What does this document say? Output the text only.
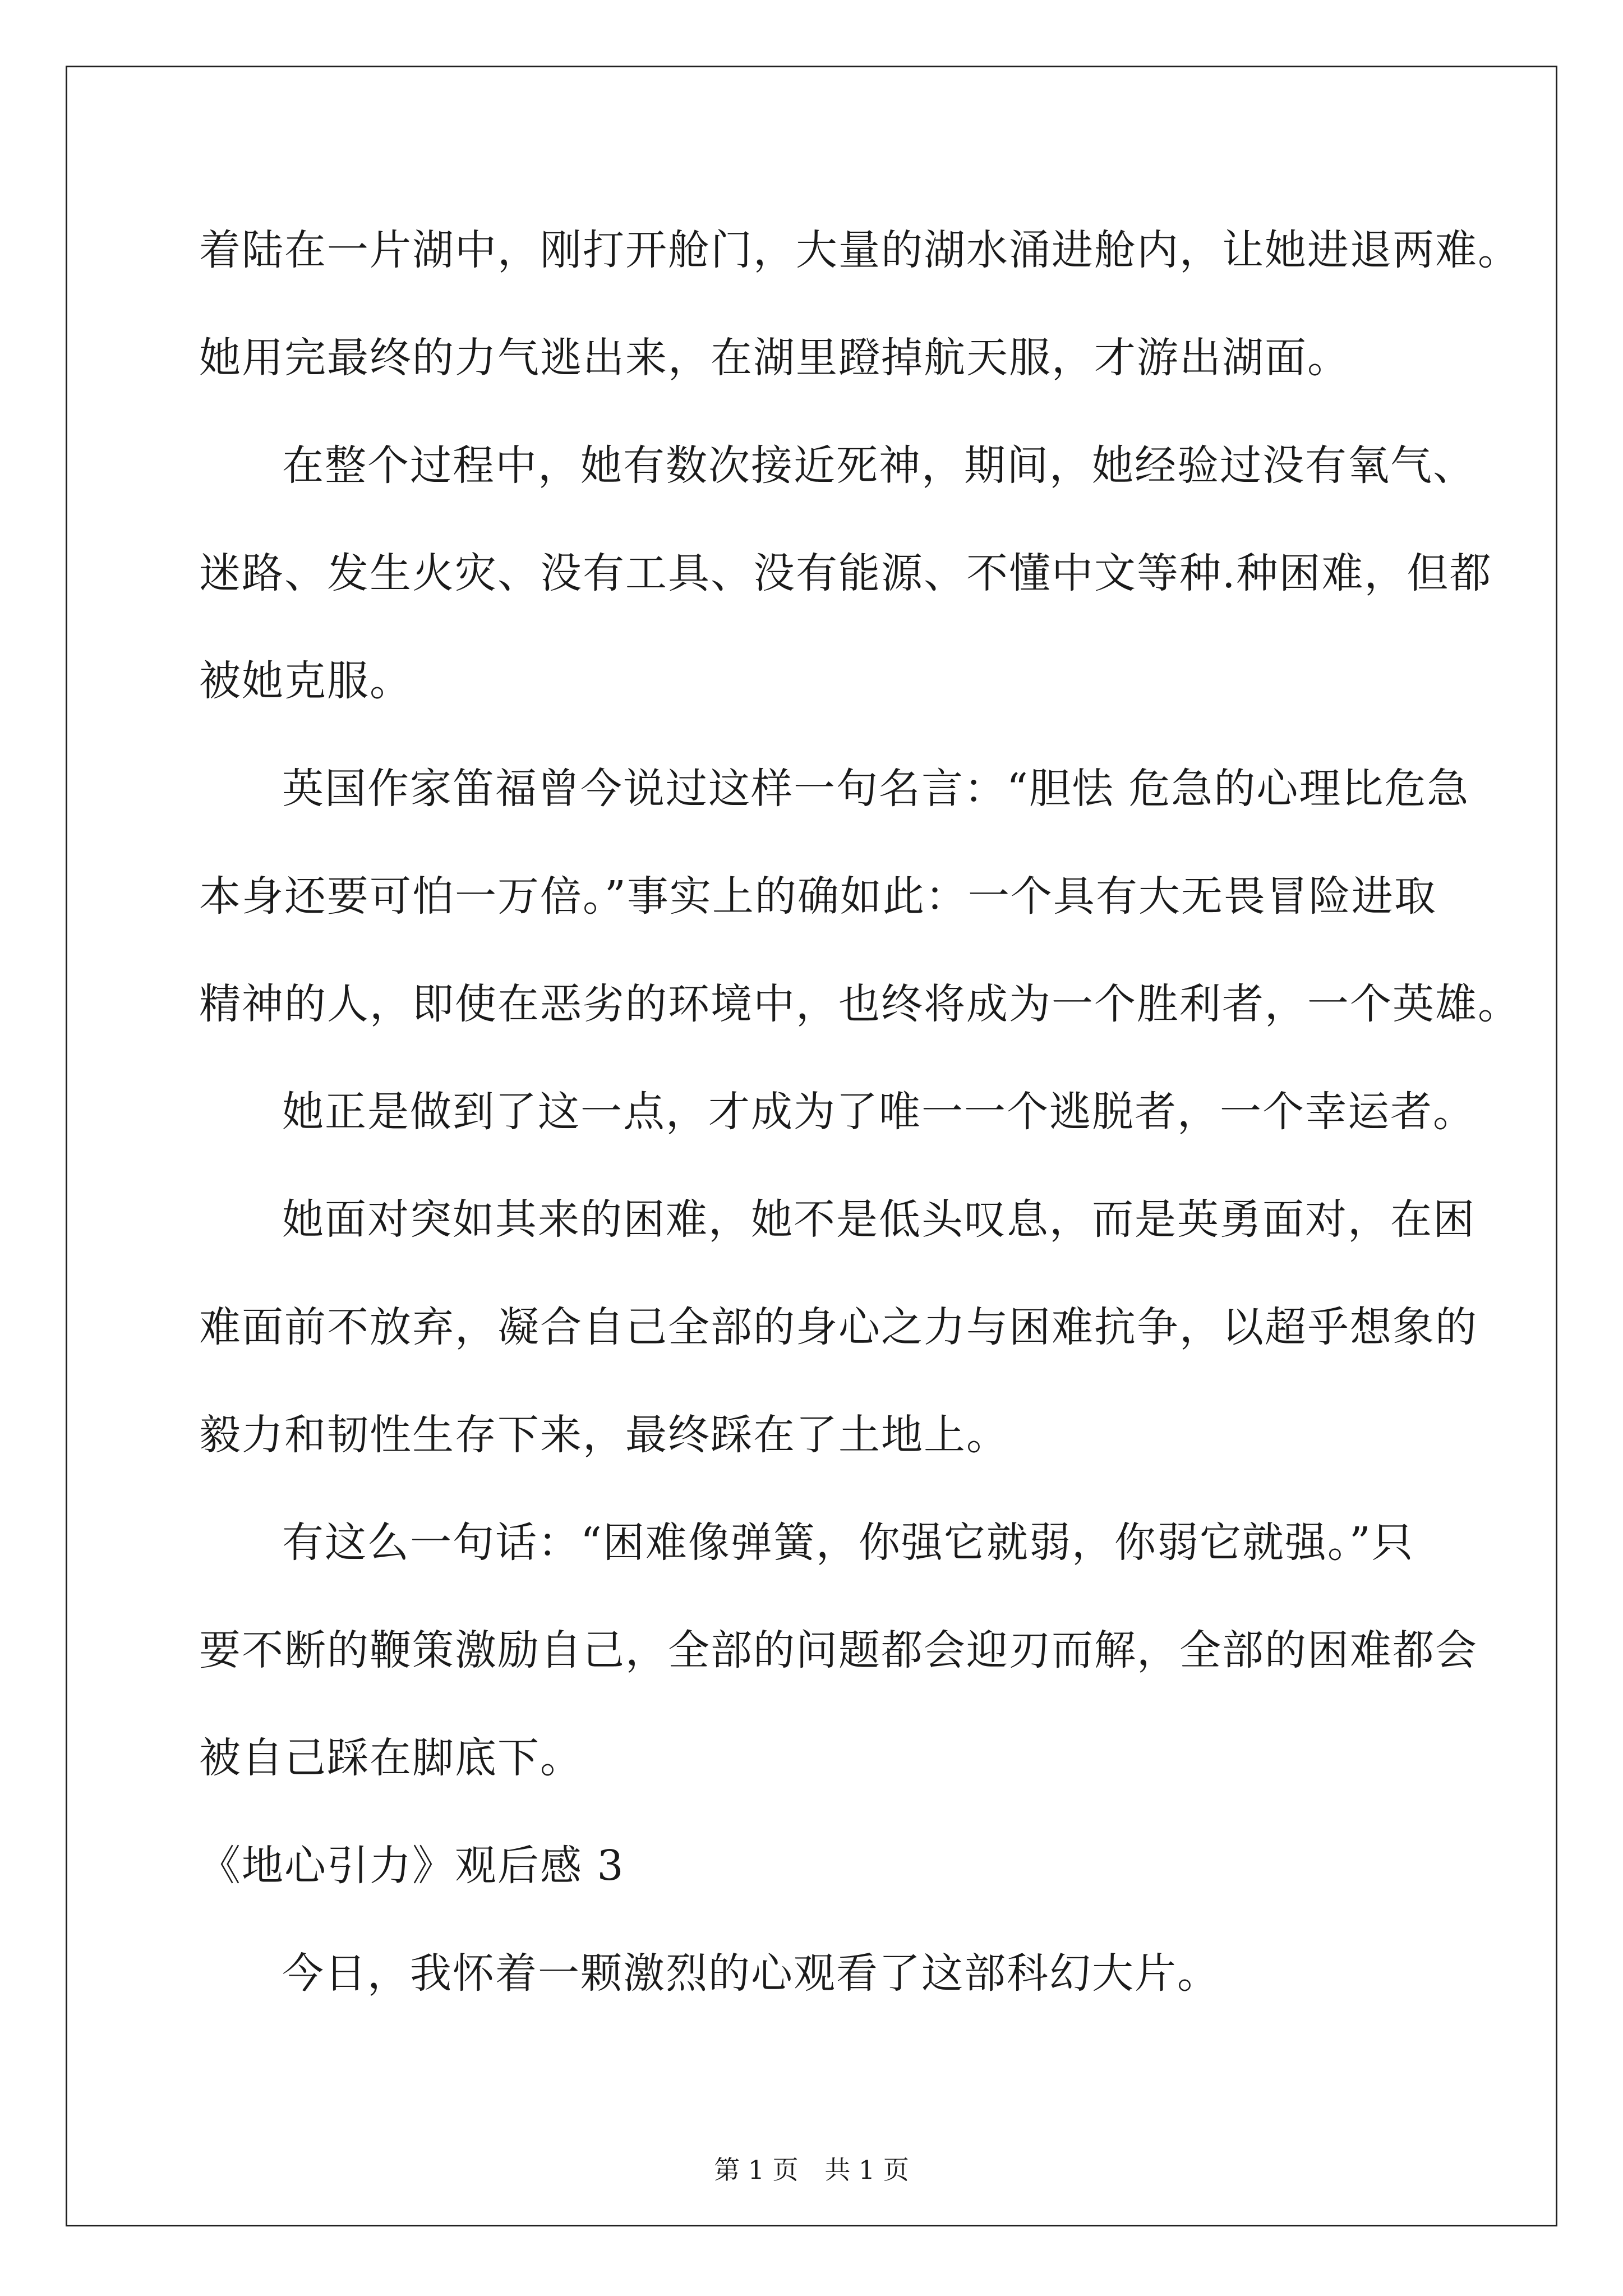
着陆在一片湖中，刚打开舱门，大量的湖水涌进舱内，让她进退两难。
她用完最终的力气逃出来，在湖里蹬掉航天服，才游出湖面。
在整个过程中，她有数次接近死神，期间，她经验过没有氧气、
迷路、发生火灾、没有工具、没有能源、不懂中文等种.种困难，但都
被她克服。
英国作家笛福曾今说过这样一句名言：“胆怯 危急的心理比危急
本身还要可怕一万倍。”事实上的确如此：一个具有大无畏冒险进取
精神的人，即使在恶劣的环境中，也终将成为一个胜利者，一个英雄。
她正是做到了这一点，才成为了唯一一个逃脱者，一个幸运者。
她面对突如其来的困难，她不是低头叹息，而是英勇面对，在困
难面前不放弃，凝合自己全部的身心之力与困难抗争，以超乎想象的
毅力和韧性生存下来，最终踩在了土地上。
有这么一句话：“困难像弹簧，你强它就弱，你弱它就强。”只
要不断的鞭策激励自己，全部的问题都会迎刃而解，全部的困难都会
被自己踩在脚底下。
《地心引力》观后感 3
今日，我怀着一颗激烈的心观看了这部科幻大片。
第 1 页 共 1 页
